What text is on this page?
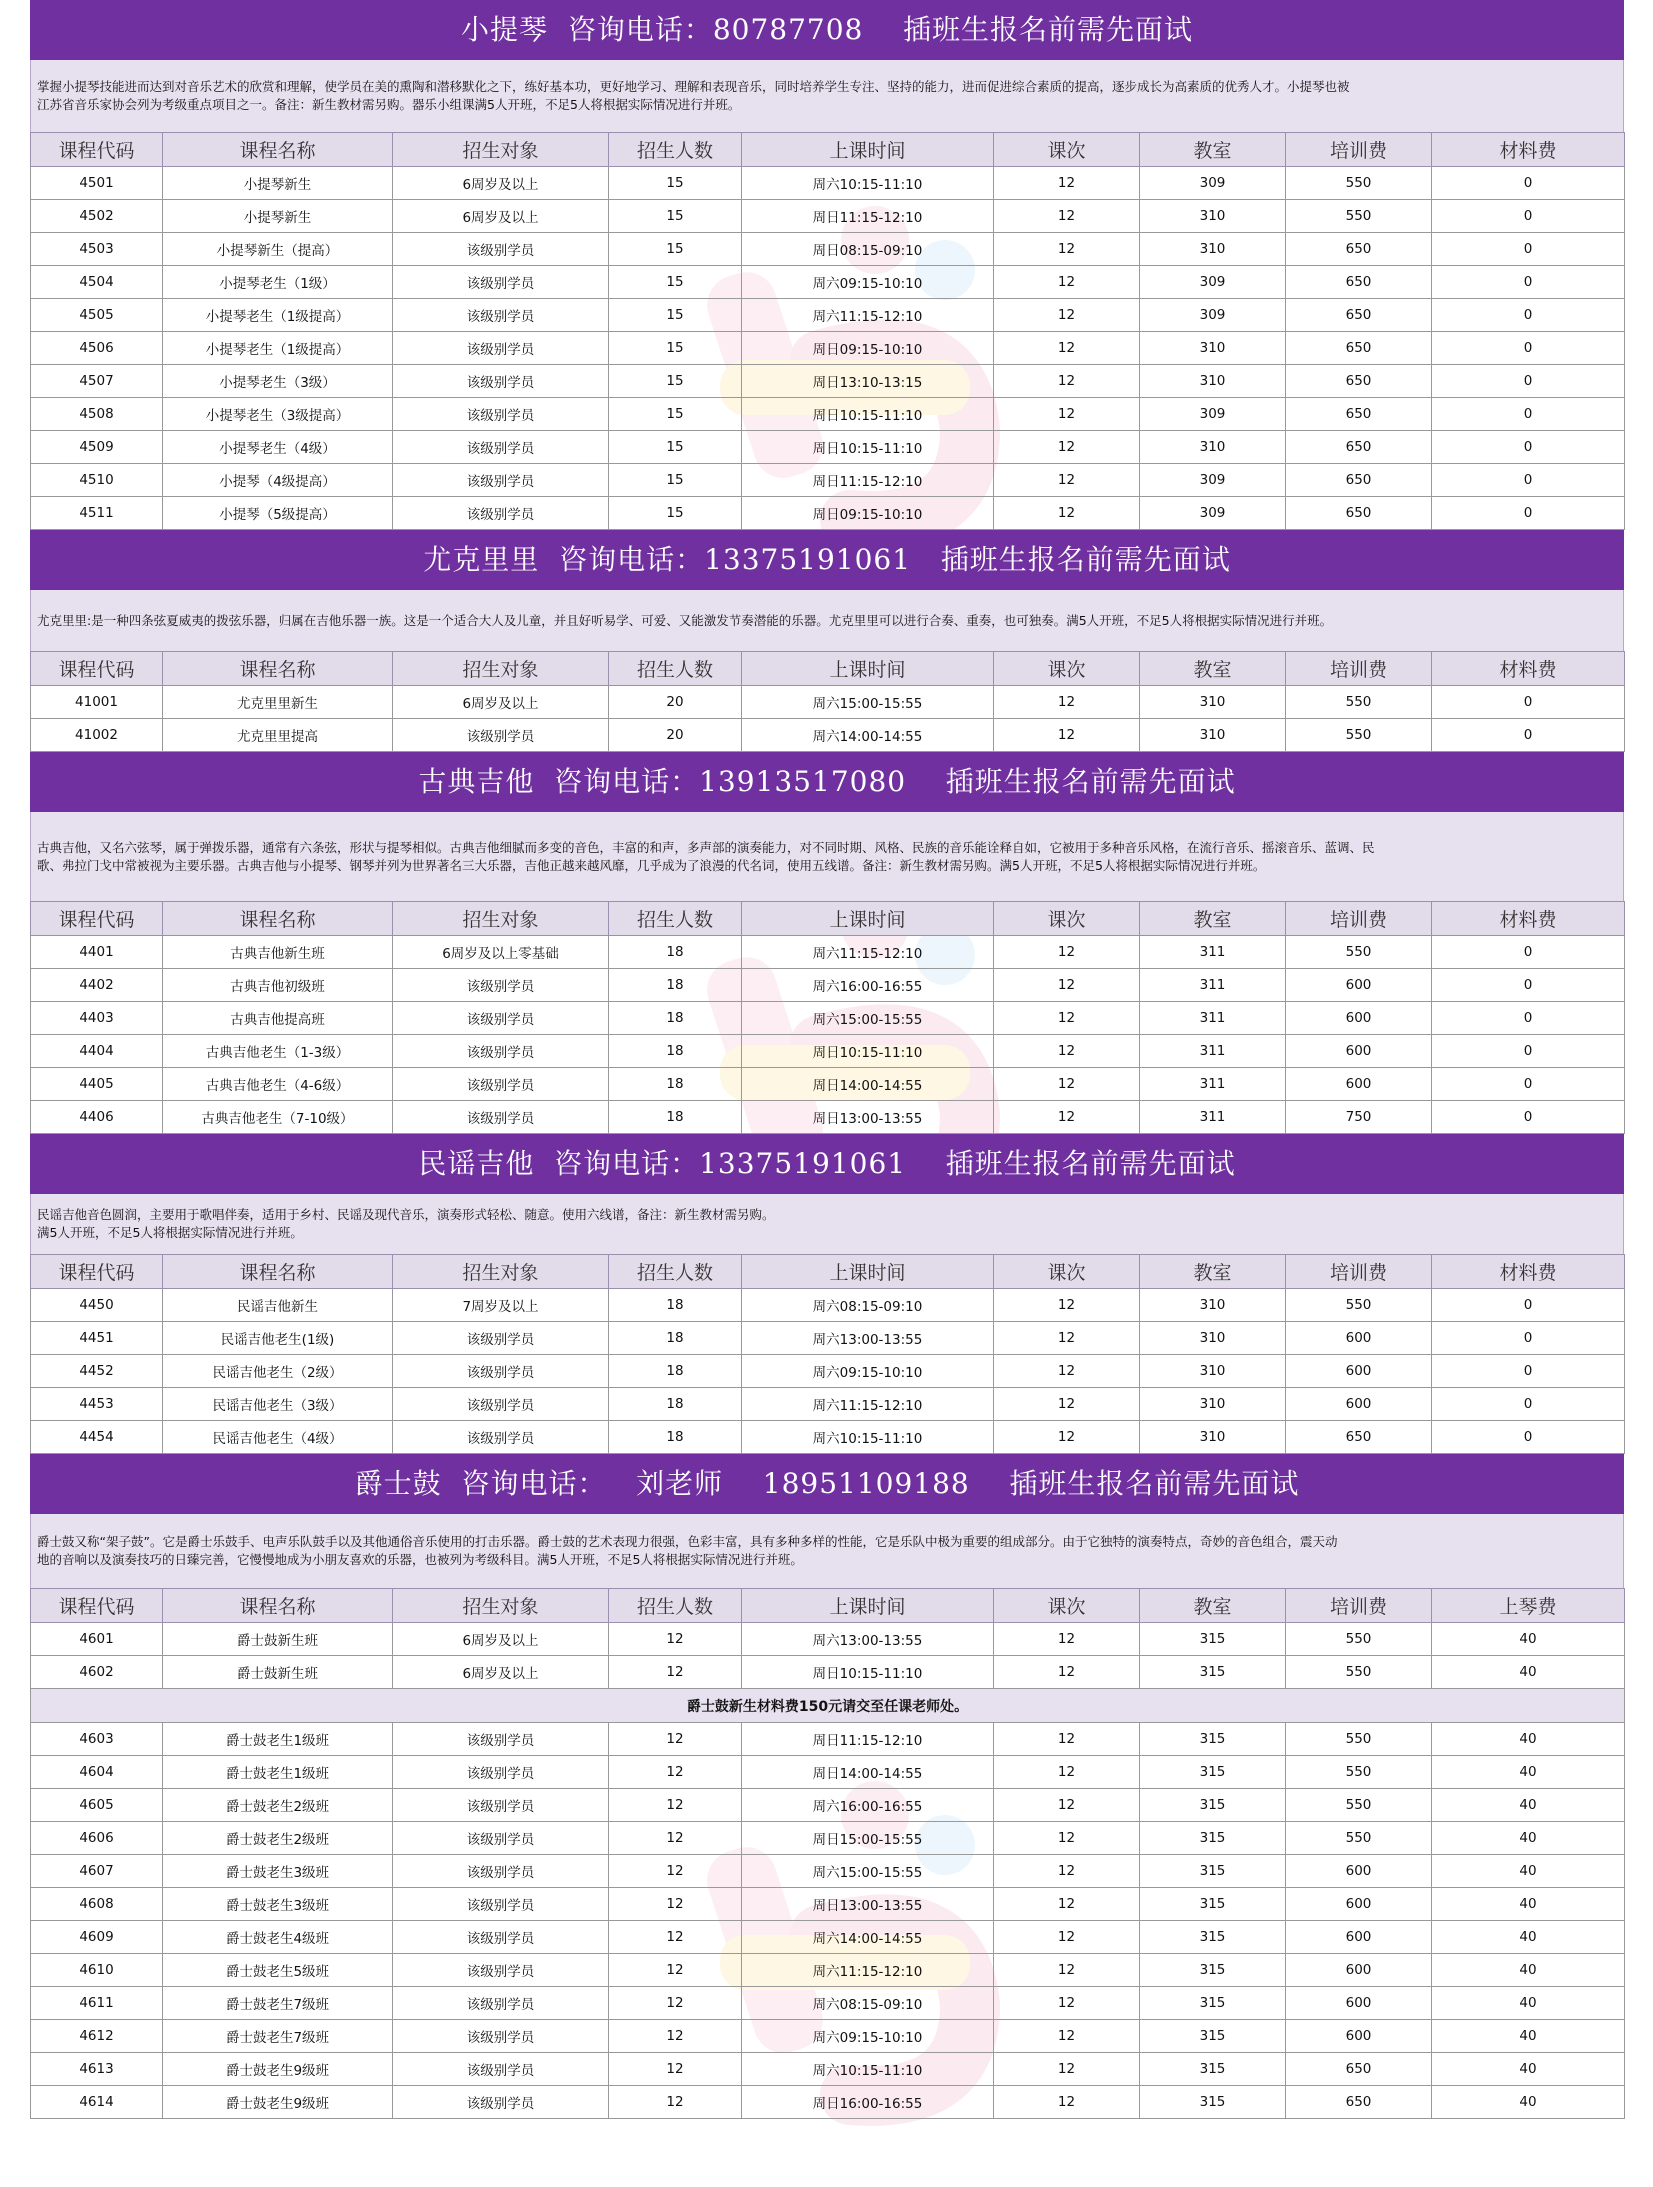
小提琴  咨询电话：80787708    插班生报名前需先面试
掌握小提琴技能进而达到对音乐艺术的欣赏和理解，使学员在美的熏陶和潜移默化之下，练好基本功，更好地学习、理解和表现音乐，同时培养学生专注、坚持的能力，进而促进综合素质的提高，逐步成长为高素质的优秀人才。小提琴也被
江苏省音乐家协会列为考级重点项目之一。备注：新生教材需另购。器乐小组课满5人开班，不足5人将根据实际情况进行并班。
课程代码	课程名称	招生对象	招生人数	上课时间	课次	教室	培训费	材料费
4501	小提琴新生	6周岁及以上	15	周六10:15-11:10	12	309	550	0
4502	小提琴新生	6周岁及以上	15	周日11:15-12:10	12	310	550	0
4503	小提琴新生（提高）	该级别学员	15	周日08:15-09:10	12	310	650	0
4504	小提琴老生（1级）	该级别学员	15	周六09:15-10:10	12	309	650	0
4505	小提琴老生（1级提高）	该级别学员	15	周六11:15-12:10	12	309	650	0
4506	小提琴老生（1级提高）	该级别学员	15	周日09:15-10:10	12	310	650	0
4507	小提琴老生（3级）	该级别学员	15	周日13:10-13:15	12	310	650	0
4508	小提琴老生（3级提高）	该级别学员	15	周日10:15-11:10	12	309	650	0
4509	小提琴老生（4级）	该级别学员	15	周日10:15-11:10	12	310	650	0
4510	小提琴（4级提高）	该级别学员	15	周日11:15-12:10	12	309	650	0
4511	小提琴（5级提高）	该级别学员	15	周日09:15-10:10	12	309	650	0
尤克里里  咨询电话：13375191061   插班生报名前需先面试
尤克里里:是一种四条弦夏威夷的拨弦乐器，归属在吉他乐器一族。这是一个适合大人及儿童，并且好听易学、可爱、又能激发节奏潜能的乐器。尤克里里可以进行合奏、重奏，也可独奏。满5人开班，不足5人将根据实际情况进行并班。
课程代码	课程名称	招生对象	招生人数	上课时间	课次	教室	培训费	材料费
41001	尤克里里新生	6周岁及以上	20	周六15:00-15:55	12	310	550	0
41002	尤克里里提高	该级别学员	20	周六14:00-14:55	12	310	550	0
古典吉他  咨询电话：13913517080    插班生报名前需先面试
古典吉他，又名六弦琴，属于弹拨乐器，通常有六条弦，形状与提琴相似。古典吉他细腻而多变的音色，丰富的和声，多声部的演奏能力，对不同时期、风格、民族的音乐能诠释自如，它被用于多种音乐风格，在流行音乐、摇滚音乐、蓝调、民
歌、弗拉门戈中常被视为主要乐器。古典吉他与小提琴、钢琴并列为世界著名三大乐器，吉他正越来越风靡，几乎成为了浪漫的代名词，使用五线谱。备注：新生教材需另购。满5人开班，不足5人将根据实际情况进行并班。
课程代码	课程名称	招生对象	招生人数	上课时间	课次	教室	培训费	材料费
4401	古典吉他新生班	6周岁及以上零基础	18	周六11:15-12:10	12	311	550	0
4402	古典吉他初级班	该级别学员	18	周六16:00-16:55	12	311	600	0
4403	古典吉他提高班	该级别学员	18	周六15:00-15:55	12	311	600	0
4404	古典吉他老生（1-3级）	该级别学员	18	周日10:15-11:10	12	311	600	0
4405	古典吉他老生（4-6级）	该级别学员	18	周日14:00-14:55	12	311	600	0
4406	古典吉他老生（7-10级）	该级别学员	18	周日13:00-13:55	12	311	750	0
民谣吉他  咨询电话：13375191061    插班生报名前需先面试
民谣吉他音色圆润，主要用于歌唱伴奏，适用于乡村、民谣及现代音乐，演奏形式轻松、随意。使用六线谱，备注：新生教材需另购。
满5人开班，不足5人将根据实际情况进行并班。
课程代码	课程名称	招生对象	招生人数	上课时间	课次	教室	培训费	材料费
4450	民谣吉他新生	7周岁及以上	18	周六08:15-09:10	12	310	550	0
4451	民谣吉他老生(1级)	该级别学员	18	周六13:00-13:55	12	310	600	0
4452	民谣吉他老生（2级）	该级别学员	18	周六09:15-10:10	12	310	600	0
4453	民谣吉他老生（3级）	该级别学员	18	周六11:15-12:10	12	310	600	0
4454	民谣吉他老生（4级）	该级别学员	18	周六10:15-11:10	12	310	650	0
爵士鼓  咨询电话：   刘老师    18951109188    插班生报名前需先面试
爵士鼓又称“架子鼓”。它是爵士乐鼓手、电声乐队鼓手以及其他通俗音乐使用的打击乐器。爵士鼓的艺术表现力很强，色彩丰富，具有多种多样的性能，它是乐队中极为重要的组成部分。由于它独特的演奏特点，奇妙的音色组合，震天动
地的音响以及演奏技巧的日臻完善，它慢慢地成为小朋友喜欢的乐器，也被列为考级科目。满5人开班，不足5人将根据实际情况进行并班。
课程代码	课程名称	招生对象	招生人数	上课时间	课次	教室	培训费	上琴费
4601	爵士鼓新生班	6周岁及以上	12	周六13:00-13:55	12	315	550	40
4602	爵士鼓新生班	6周岁及以上	12	周日10:15-11:10	12	315	550	40
爵士鼓新生材料费150元请交至任课老师处。								
4603	爵士鼓老生1级班	该级别学员	12	周日11:15-12:10	12	315	550	40
4604	爵士鼓老生1级班	该级别学员	12	周日14:00-14:55	12	315	550	40
4605	爵士鼓老生2级班	该级别学员	12	周六16:00-16:55	12	315	550	40
4606	爵士鼓老生2级班	该级别学员	12	周日15:00-15:55	12	315	550	40
4607	爵士鼓老生3级班	该级别学员	12	周六15:00-15:55	12	315	600	40
4608	爵士鼓老生3级班	该级别学员	12	周日13:00-13:55	12	315	600	40
4609	爵士鼓老生4级班	该级别学员	12	周六14:00-14:55	12	315	600	40
4610	爵士鼓老生5级班	该级别学员	12	周六11:15-12:10	12	315	600	40
4611	爵士鼓老生7级班	该级别学员	12	周六08:15-09:10	12	315	600	40
4612	爵士鼓老生7级班	该级别学员	12	周六09:15-10:10	12	315	600	40
4613	爵士鼓老生9级班	该级别学员	12	周六10:15-11:10	12	315	650	40
4614	爵士鼓老生9级班	该级别学员	12	周日16:00-16:55	12	315	650	40
